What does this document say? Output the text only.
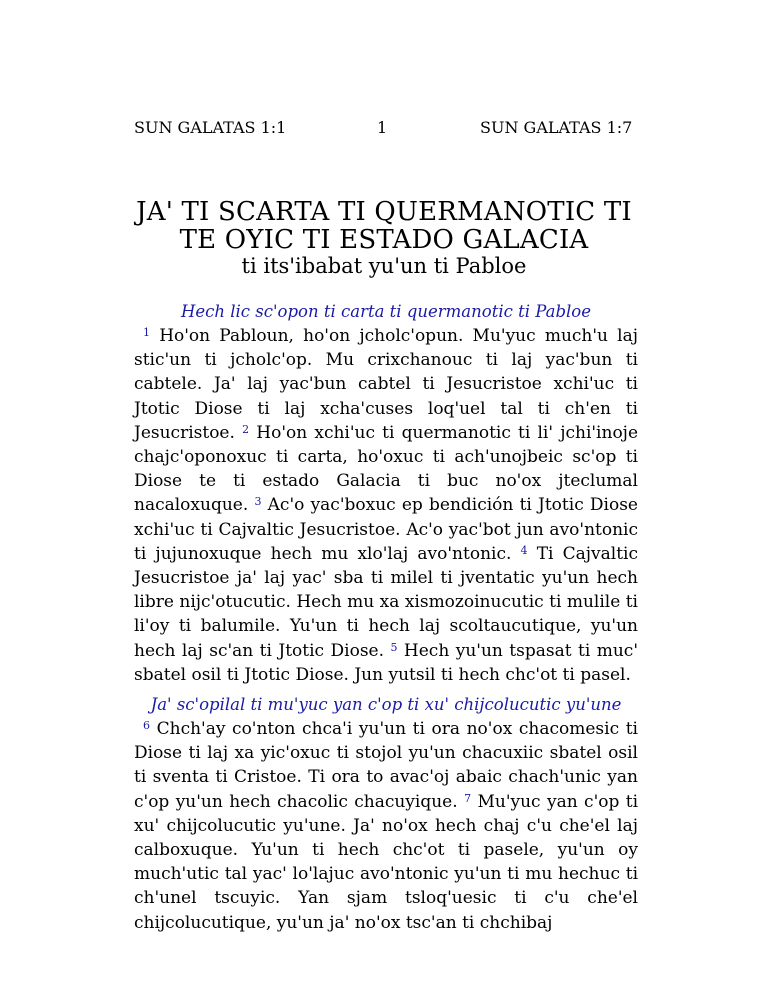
SUN GALATAS 1:1	1	SUN GALATAS 1:7
JA' TI SCARTA TI QUERMANOTIC TI
TE OYIC TI ESTADO GALACIA
ti its'ibabat yu'un ti Pabloe

Hech lic sc'opon ti carta ti quermanotic ti Pabloe

$^1$ Ho'on Pabloun, ho'on jcholc'opun. Mu'yuc much'u laj stic'un ti jcholc'op. Mu crixchanouc ti laj yac'bun ti cabtele. Ja' laj yac'bun cabtel ti Jesucristoe xchi'uc ti Jtotic Diose ti laj xcha'cuses loq'uel tal ti ch'en ti Jesucristoe. $^2$ Ho'on xchi'uc ti quermanotic ti li' jchi'inoje chajc'oponoxuc ti carta, ho'oxuc ti ach'unojbeic sc'op ti Diose te ti estado Galacia ti buc no'ox jteclumal nacaloxuque. $^3$ Ac'o yac'boxuc ep bendición ti Jtotic Diose xchi'uc ti Cajvaltic Jesucristoe. Ac'o yac'bot jun avo'ntonic ti jujunoxuque hech mu xlo'laj avo'ntonic. $^4$ Ti Cajvaltic Jesucristoe ja' laj yac' sba ti milel ti jventatic yu'un hech libre nijc'otucutic. Hech mu xa xismozoinucutic ti mulile ti li'oy ti balumile. Yu'un ti hech laj scoltaucutique, yu'un hech laj sc'an ti Jtotic Diose. $^5$ Hech yu'un tspasat ti muc' sbatel osil ti Jtotic Diose. Jun yutsil ti hech chc'ot ti pasel.

Ja' sc'opilal ti mu'yuc yan c'op ti xu' chijcolucutic yu'une

$^6$ Chch'ay co'nton chca'i yu'un ti ora no'ox chacomesic ti Diose ti laj xa yic'oxuc ti stojol yu'un chacuxiic sbatel osil ti sventa ti Cristoe. Ti ora to avac'oj abaic chach'unic yan c'op yu'un hech chacolic chacuyique. $^7$ Mu'yuc yan c'op ti xu' chijcolucutic yu'une. Ja' no'ox hech chaj c'u che'el laj calboxuque. Yu'un ti hech chc'ot ti pasele, yu'un oy much'utic tal yac' lo'lajuc avo'ntonic yu'un ti mu hechuc ti ch'unel tscuyic. Yan sjam tsloq'uesic ti c'u che'el chijcolucutique, yu'un ja' no'ox tsc'an ti chchibaj
